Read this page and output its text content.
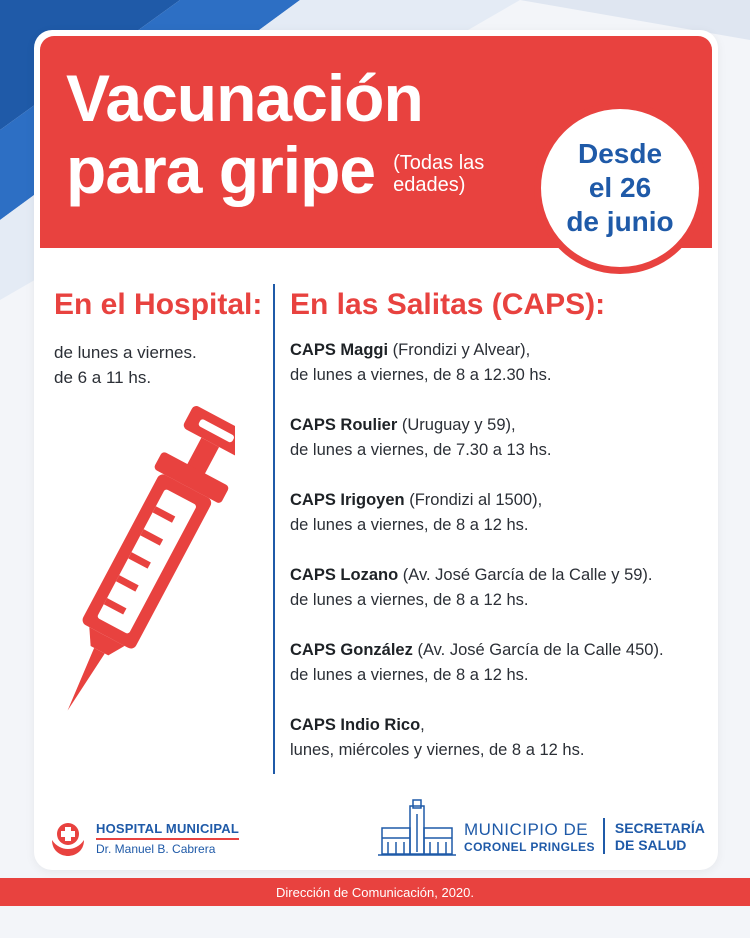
Vacunación
para gripe (Todas las
edades)
Desde
el 26
de junio
En el Hospital: En las Salitas (CAPS):
de lunes a viernes.
de 6 a 11 hs.
CAPS Maggi (Frondizi y Alvear),
de lunes a viernes, de 8 a 12.30 hs.
CAPS Roulier (Uruguay y 59),
de lunes a viernes, de 7.30 a 13 hs.
CAPS Irigoyen (Frondizi al 1500),
de lunes a viernes, de 8 a 12 hs.
CAPS Lozano (Av. José García de la Calle y 59).
de lunes a viernes, de 8 a 12 hs.
CAPS González (Av. José García de la Calle 450).
de lunes a viernes, de 8 a 12 hs.
CAPS Indio Rico,
lunes, miércoles y viernes, de 8 a 12 hs.
HOSPITAL MUNICIPAL
Dr. Manuel B. Cabrera
MUNICIPIO DE
CORONEL PRINGLES
SECRETARÍA
DE SALUD
Dirección de Comunicación, 2020.
